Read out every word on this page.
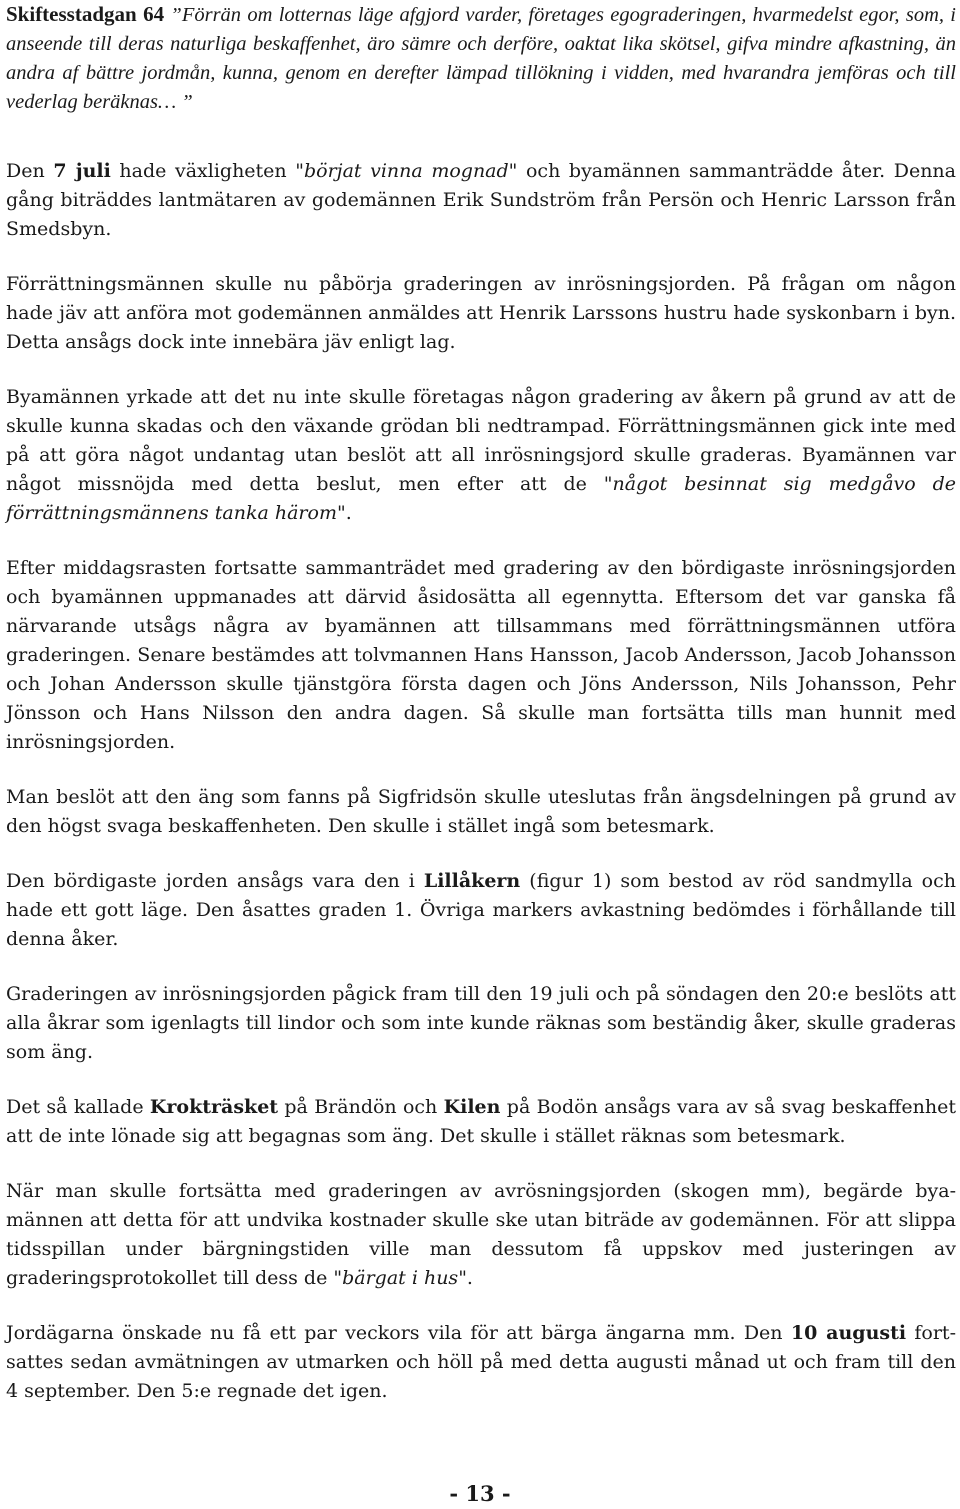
Skiftesstadgan 64 ”Förrän om lotternas läge afgjord varder, företages egograderingen, hvarmedelst egor, som, i anseende till deras naturliga beskaffenhet, äro sämre och derföre, oaktat lika skötsel, gifva mindre afkastning, än andra af bättre jordmån, kunna, genom en derefter lämpad tillökning i vidden, med hvarandra jemföras och till vederlag beräknas… ”

Den 7 juli hade växligheten "börjat vinna mognad" och byamännen sammanträdde åter. Denna gång biträddes lantmätaren av godemännen Erik Sundström från Persön och Henric Larsson från Smedsbyn.

Förrättningsmännen skulle nu påbörja graderingen av inrösningsjorden. På frågan om någon hade jäv att anföra mot godemännen anmäldes att Henrik Larssons hustru hade syskonbarn i byn. Detta ansågs dock inte innebära jäv enligt lag.

Byamännen yrkade att det nu inte skulle företagas någon gradering av åkern på grund av att de skulle kunna skadas och den växande grödan bli nedtrampad. Förrättningsmännen gick inte med på att göra något undantag utan beslöt att all inrösningsjord skulle graderas. Byamännen var något missnöjda med detta beslut, men efter att de "något besinnat sig medgåvo de förrättningsmännens tanka härom".

Efter middagsrasten fortsatte sammanträdet med gradering av den bördigaste inrösningsjorden och byamännen uppmanades att därvid åsidosätta all egennytta. Eftersom det var ganska få närvarande utsågs några av byamännen att tillsammans med förrättningsmännen utföra graderingen. Senare bestämdes att tolvmannen Hans Hansson, Jacob Andersson, Jacob Johansson och Johan Andersson skulle tjänstgöra första dagen och Jöns Andersson, Nils Johansson, Pehr Jönsson och Hans Nilsson den andra dagen. Så skulle man fortsätta tills man hunnit med inrösningsjorden.

Man beslöt att den äng som fanns på Sigfridsön skulle uteslutas från ängsdelningen på grund av den högst svaga beskaffenheten. Den skulle i stället ingå som betesmark.

Den bördigaste jorden ansågs vara den i Lillåkern (figur 1) som bestod av röd sandmylla och hade ett gott läge. Den åsattes graden 1. Övriga markers avkastning bedömdes i förhållande till denna åker.

Graderingen av inrösningsjorden pågick fram till den 19 juli och på söndagen den 20:e beslöts att alla åkrar som igenlagts till lindor och som inte kunde räknas som beständig åker, skulle graderas som äng.

Det så kallade Krokträsket på Brändön och Kilen på Bodön ansågs vara av så svag beskaffenhet att de inte lönade sig att begagnas som äng. Det skulle i stället räknas som betesmark.

När man skulle fortsätta med graderingen av avrösningsjorden (skogen mm), begärde byamännen att detta för att undvika kostnader skulle ske utan biträde av godemännen. För att slippa tidsspillan under bärgningstiden ville man dessutom få uppskov med justeringen av graderingsprotokollet till dess de "bärgat i hus".

Jordägarna önskade nu få ett par veckors vila för att bärga ängarna mm. Den 10 augusti fortsattes sedan avmätningen av utmarken och höll på med detta augusti månad ut och fram till den 4 september. Den 5:e regnade det igen.

- 13 -
